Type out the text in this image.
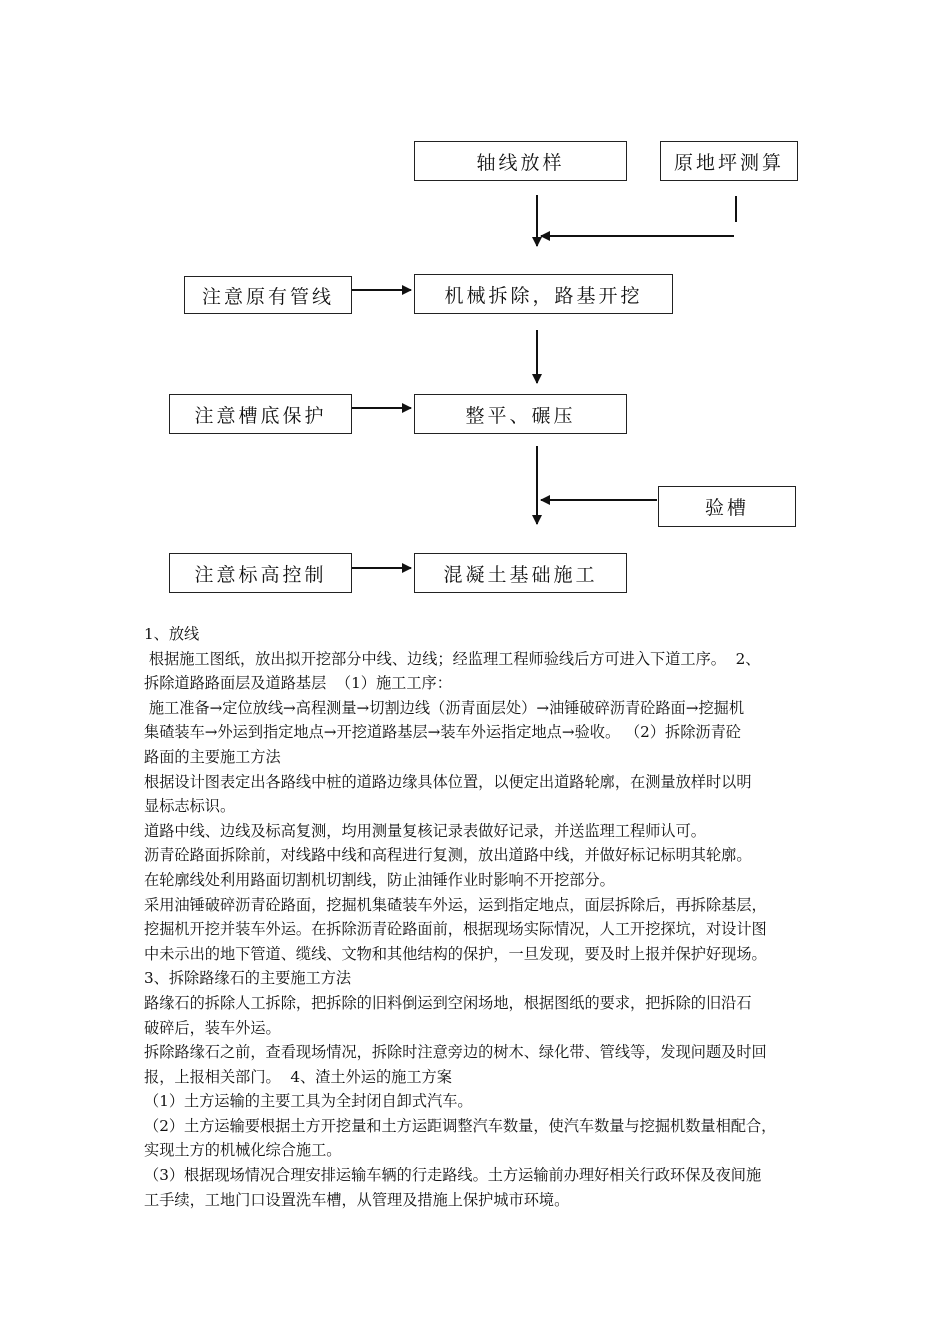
轴线放样	原地坪测算
注意原有管线	机械拆除，路基开挖
注意槽底保护	整平、碾压
验槽
注意标高控制	混凝土基础施工

1、放线

根据施工图纸，放出拟开挖部分中线、边线；经监理工程师验线后方可进入下道工序。  2、

拆除道路路面层及道路基层  （1）施工工序：

施工准备→定位放线→高程测量→切割边线（沥青面层处）→油锤破碎沥青砼路面→挖掘机

集碴装车→外运到指定地点→开挖道路基层→装车外运指定地点→验收。 （2）拆除沥青砼

路面的主要施工方法

根据设计图表定出各路线中桩的道路边缘具体位置，以便定出道路轮廓，在测量放样时以明

显标志标识。

道路中线、边线及标高复测，均用测量复核记录表做好记录，并送监理工程师认可。

沥青砼路面拆除前，对线路中线和高程进行复测，放出道路中线，并做好标记标明其轮廓。

在轮廓线处利用路面切割机切割线，防止油锤作业时影响不开挖部分。

采用油锤破碎沥青砼路面，挖掘机集碴装车外运，运到指定地点，面层拆除后，再拆除基层，

挖掘机开挖并装车外运。在拆除沥青砼路面前，根据现场实际情况，人工开挖探坑，对设计图

中未示出的地下管道、缆线、文物和其他结构的保护，一旦发现，要及时上报并保护好现场。

3、拆除路缘石的主要施工方法

路缘石的拆除人工拆除，把拆除的旧料倒运到空闲场地，根据图纸的要求，把拆除的旧沿石

破碎后，装车外运。

拆除路缘石之前，查看现场情况，拆除时注意旁边的树木、绿化带、管线等，发现问题及时回

报，上报相关部门。  4、渣土外运的施工方案

（1）土方运输的主要工具为全封闭自卸式汽车。

（2）土方运输要根据土方开挖量和土方运距调整汽车数量，使汽车数量与挖掘机数量相配合，

实现土方的机械化综合施工。

（3）根据现场情况合理安排运输车辆的行走路线。土方运输前办理好相关行政环保及夜间施

工手续，工地门口设置洗车槽，从管理及措施上保护城市环境。
